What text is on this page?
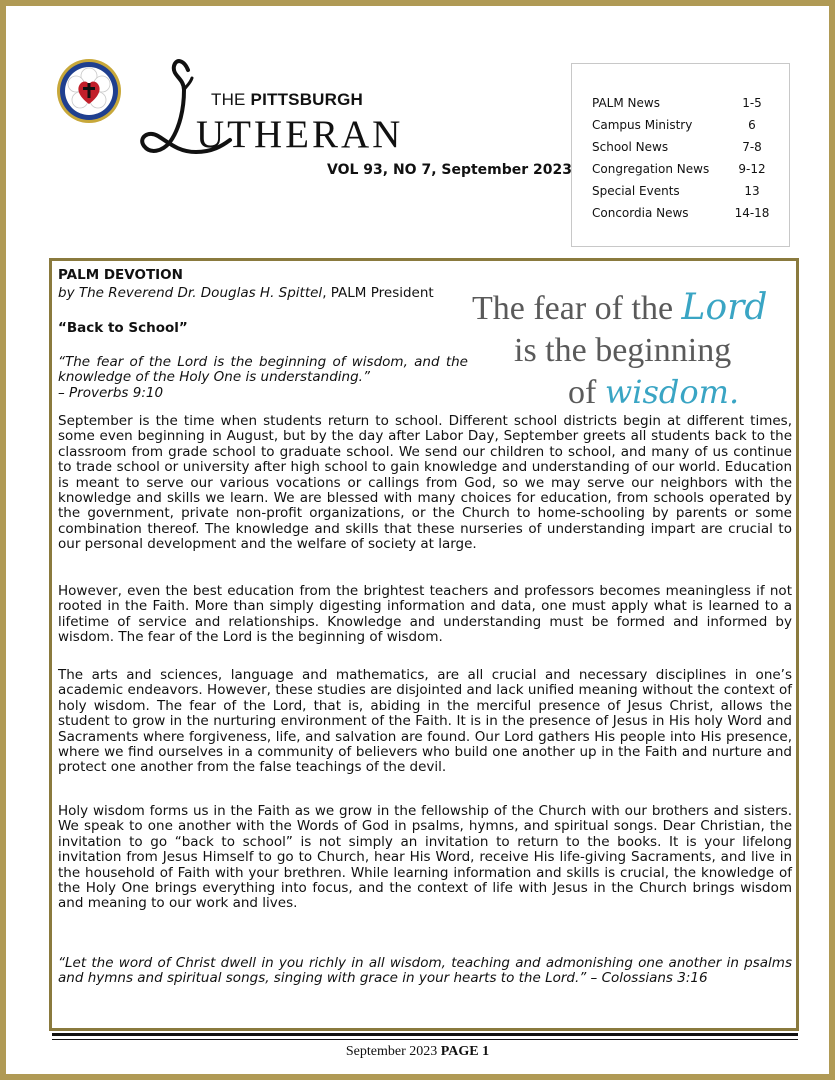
THE PITTSBURGH
UTHERAN
VOL 93, NO 7, September 2023
PALM News	1-5
Campus Ministry	6
School News	7-8
Congregation News	9-12
Special Events	13
Concordia News	14-18

PALM DEVOTION

by The Reverend Dr. Douglas H. Spittel, PALM President

“Back to School”

“The fear of the Lord is the beginning of wisdom, and the knowledge of the Holy One is understanding.”
– Proverbs 9:10

The fear of the Lord
is the beginning
of wisdom.

September is the time when students return to school. Different school districts begin at different times, some even beginning in August, but by the day after Labor Day, September greets all students back to the classroom from grade school to graduate school. We send our children to school, and many of us continue to trade school or university after high school to gain knowledge and understanding of our world. Education is meant to serve our various vocations or callings from God, so we may serve our neighbors with the knowledge and skills we learn. We are blessed with many choices for education, from schools operated by the government, private non-profit organizations, or the Church to home-schooling by parents or some combination thereof. The knowledge and skills that these nurseries of understanding impart are crucial to our personal development and the welfare of society at large.

However, even the best education from the brightest teachers and professors becomes meaningless if not rooted in the Faith. More than simply digesting information and data, one must apply what is learned to a lifetime of service and relationships. Knowledge and understanding must be formed and informed by wisdom. The fear of the Lord is the beginning of wisdom.

The arts and sciences, language and mathematics, are all crucial and necessary disciplines in one’s academic endeavors. However, these studies are disjointed and lack unified meaning without the context of holy wisdom. The fear of the Lord, that is, abiding in the merciful presence of Jesus Christ, allows the student to grow in the nurturing environment of the Faith. It is in the presence of Jesus in His holy Word and Sacraments where forgiveness, life, and salvation are found. Our Lord gathers His people into His presence, where we find ourselves in a community of believers who build one another up in the Faith and nurture and protect one another from the false teachings of the devil.

Holy wisdom forms us in the Faith as we grow in the fellowship of the Church with our brothers and sisters. We speak to one another with the Words of God in psalms, hymns, and spiritual songs. Dear Christian, the invitation to go “back to school” is not simply an invitation to return to the books. It is your lifelong invitation from Jesus Himself to go to Church, hear His Word, receive His life-giving Sacraments, and live in the household of Faith with your brethren. While learning information and skills is crucial, the knowledge of the Holy One brings everything into focus, and the context of life with Jesus in the Church brings wisdom and meaning to our work and lives.

“Let the word of Christ dwell in you richly in all wisdom, teaching and admonishing one another in psalms and hymns and spiritual songs, singing with grace in your hearts to the Lord.” – Colossians 3:16

September 2023 PAGE 1
